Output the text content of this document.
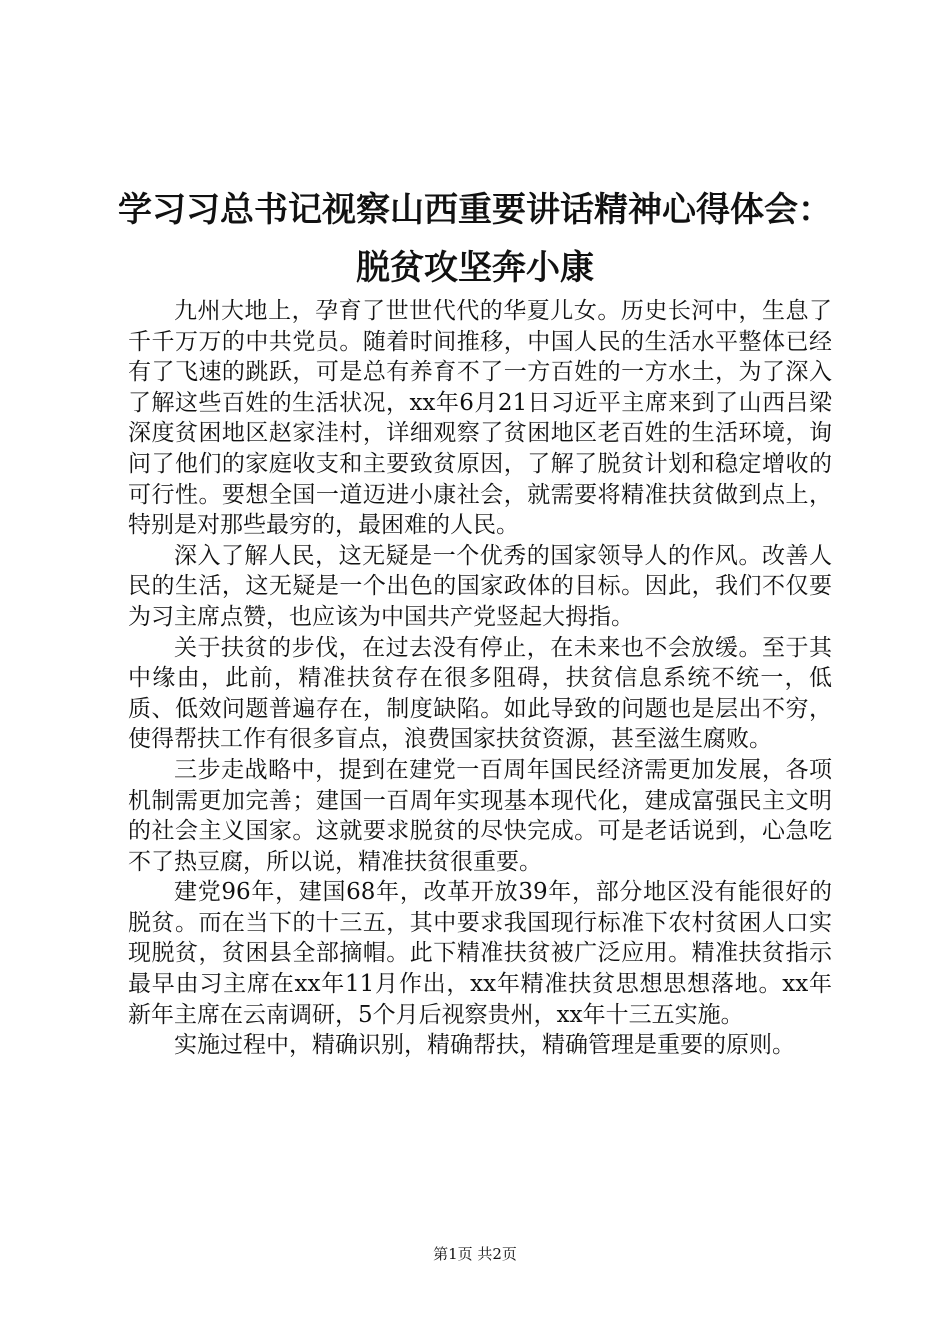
学习习总书记视察山西重要讲话精神心得体会：
脱贫攻坚奔小康

九州大地上，孕育了世世代代的华夏儿女。历史长河中，生息了千千万万的中共党员。随着时间推移，中国人民的生活水平整体已经有了飞速的跳跃，可是总有养育不了一方百姓的一方水土，为了深入了解这些百姓的生活状况，xx年6月21日习近平主席来到了山西吕梁深度贫困地区赵家洼村，详细观察了贫困地区老百姓的生活环境，询问了他们的家庭收支和主要致贫原因，了解了脱贫计划和稳定增收的可行性。要想全国一道迈进小康社会，就需要将精准扶贫做到点上，特别是对那些最穷的，最困难的人民。

深入了解人民，这无疑是一个优秀的国家领导人的作风。改善人民的生活，这无疑是一个出色的国家政体的目标。因此，我们不仅要为习主席点赞，也应该为中国共产党竖起大拇指。

关于扶贫的步伐，在过去没有停止，在未来也不会放缓。至于其中缘由，此前，精准扶贫存在很多阻碍，扶贫信息系统不统一，低质、低效问题普遍存在，制度缺陷。如此导致的问题也是层出不穷，使得帮扶工作有很多盲点，浪费国家扶贫资源，甚至滋生腐败。

三步走战略中，提到在建党一百周年国民经济需更加发展，各项机制需更加完善；建国一百周年实现基本现代化，建成富强民主文明的社会主义国家。这就要求脱贫的尽快完成。可是老话说到，心急吃不了热豆腐，所以说，精准扶贫很重要。

建党96年，建国68年，改革开放39年，部分地区没有能很好的脱贫。而在当下的十三五，其中要求我国现行标准下农村贫困人口实现脱贫，贫困县全部摘帽。此下精准扶贫被广泛应用。精准扶贫指示最早由习主席在xx年11月作出，xx年精准扶贫思想思想落地。xx年新年主席在云南调研，5个月后视察贵州，xx年十三五实施。

实施过程中，精确识别，精确帮扶，精确管理是重要的原则。

第1页 共2页
